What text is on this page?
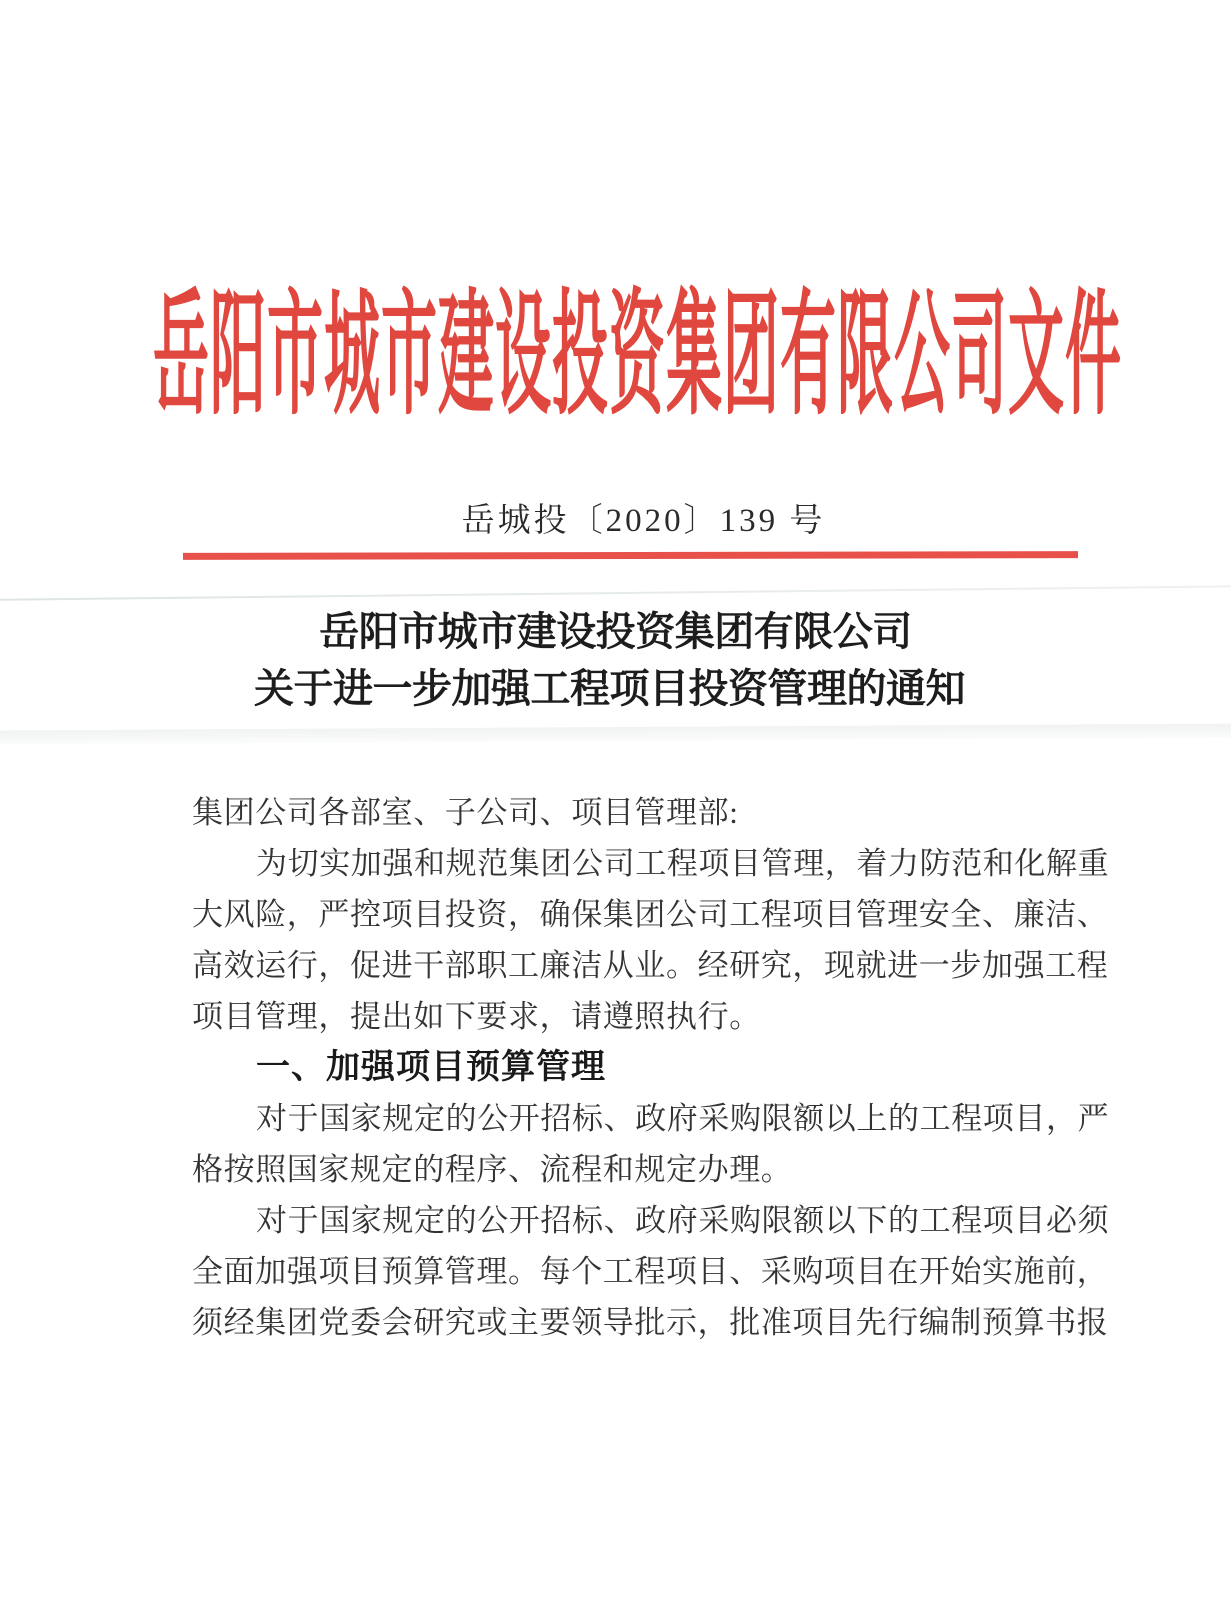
岳阳市城市建设投资集团有限公司文件
岳城投〔2020〕139 号
岳阳市城市建设投资集团有限公司
关于进一步加强工程项目投资管理的通知
集团公司各部室、子公司、项目管理部:
为切实加强和规范集团公司工程项目管理，着力防范和化解重
大风险，严控项目投资，确保集团公司工程项目管理安全、廉洁、
高效运行，促进干部职工廉洁从业。经研究，现就进一步加强工程
项目管理，提出如下要求，请遵照执行。
一、加强项目预算管理
对于国家规定的公开招标、政府采购限额以上的工程项目，严
格按照国家规定的程序、流程和规定办理。
对于国家规定的公开招标、政府采购限额以下的工程项目必须
全面加强项目预算管理。每个工程项目、采购项目在开始实施前，
须经集团党委会研究或主要领导批示，批准项目先行编制预算书报
